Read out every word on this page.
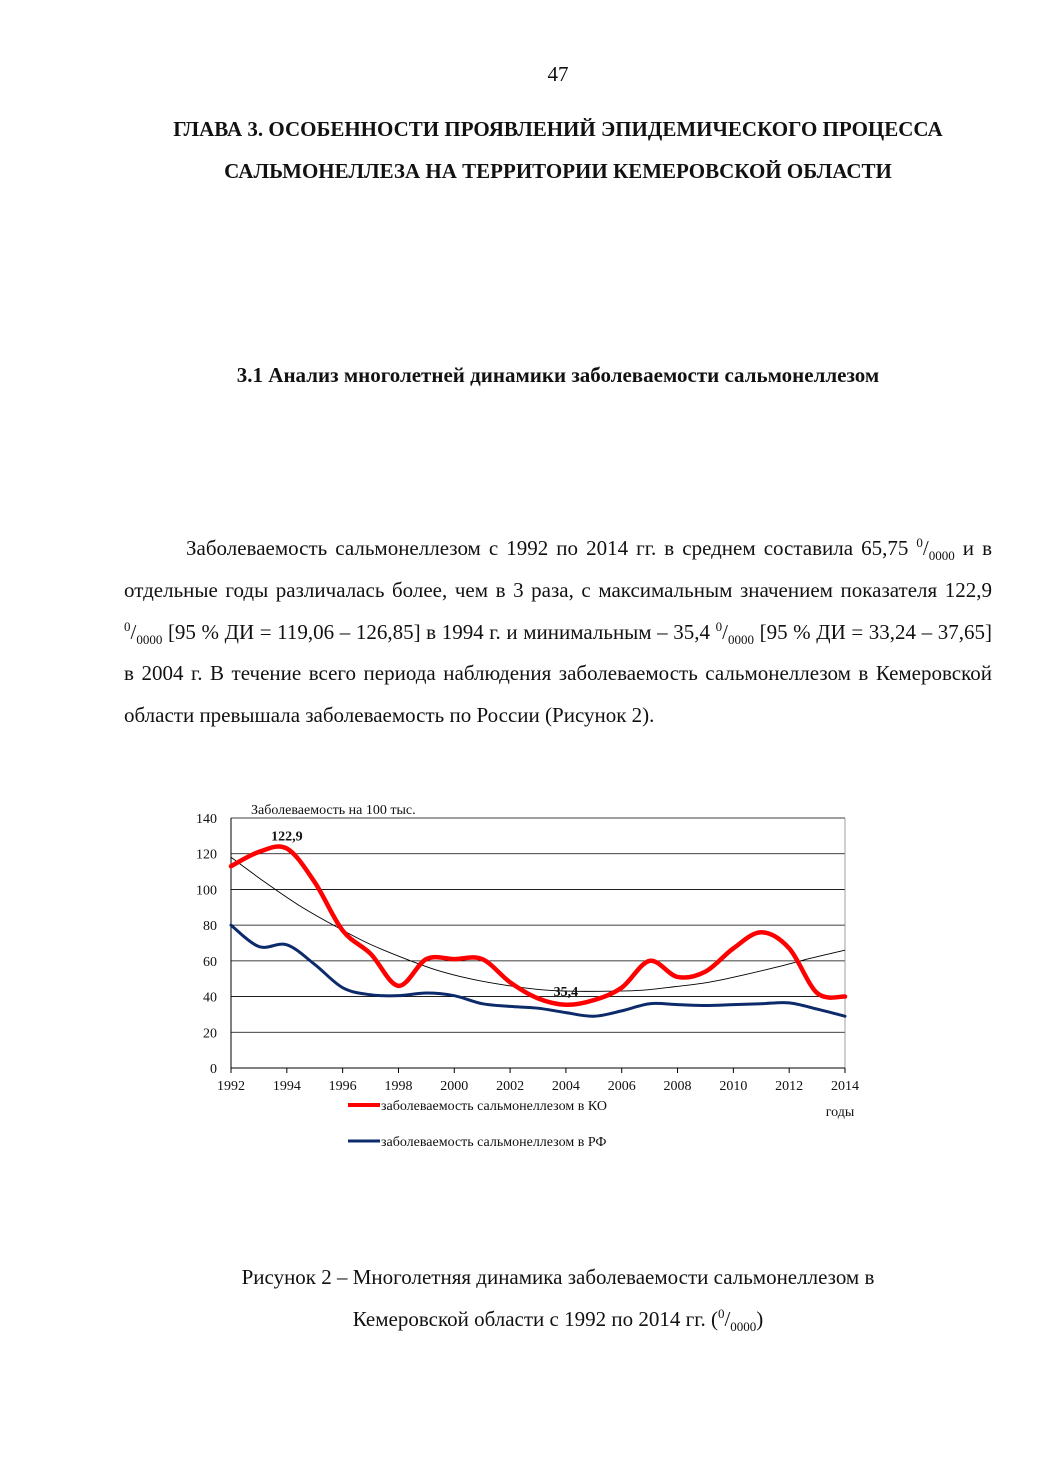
47
ГЛАВА 3. ОСОБЕННОСТИ ПРОЯВЛЕНИЙ ЭПИДЕМИЧЕСКОГО ПРОЦЕССА САЛЬМОНЕЛЛЕЗА НА ТЕРРИТОРИИ КЕМЕРОВСКОЙ ОБЛАСТИ
3.1 Анализ многолетней динамики заболеваемости сальмонеллезом

Заболеваемость сальмонеллезом с 1992 по 2014 гг. в среднем составила 65,75 $^0/_{0000}$ и в отдельные годы различалась более, чем в 3 раза, с максимальным значением показателя 122,9 $^0/_{0000}$ [95 % ДИ = 119,06 – 126,85] в 1994 г. и минимальным – 35,4 $^0/_{0000}$ [95 % ДИ = 33,24 – 37,65] в 2004 г. В течение всего периода наблюдения заболеваемость сальмонеллезом в Кемеровской области превышала заболеваемость по России (Рисунок 2).

0
20
40
60
80
100
120
140
1992 1994 1996 1998 2000 2002 2004 2006 2008 2010 2012 2014
Заболеваемость на 100 тыс.
годы
122,9
35,4
заболеваемость сальмонеллезом в КО
заболеваемость сальмонеллезом в РФ
Рисунок 2 – Многолетняя динамика заболеваемости сальмонеллезом в
Кемеровской области с 1992 по 2014 гг. $(^0/_{0000})$
